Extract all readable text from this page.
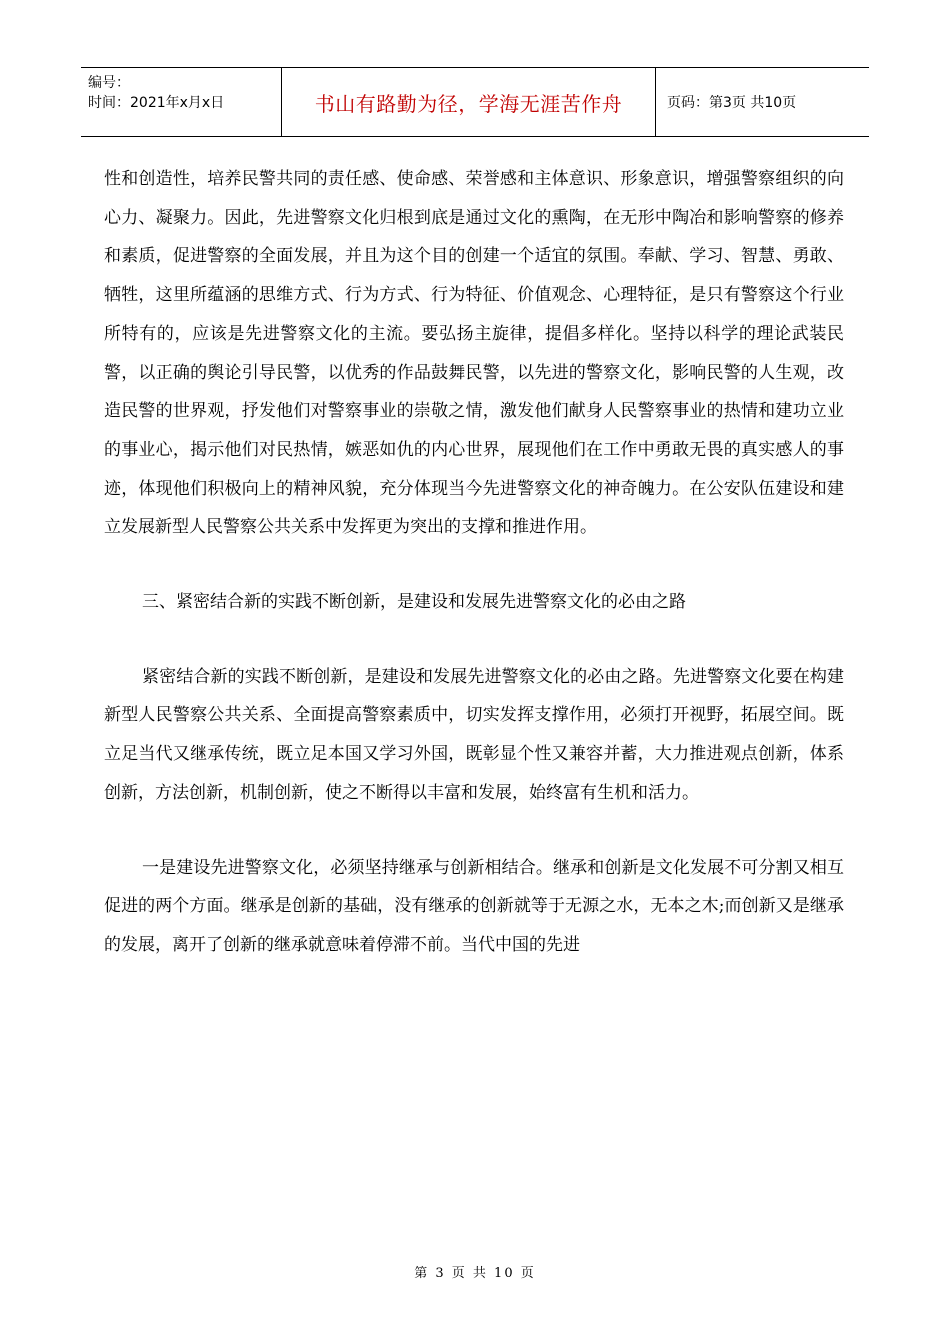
编号：
时间：2021年x月x日	书山有路勤为径，学海无涯苦作舟	页码：第3页 共10页

性和创造性，培养民警共同的责任感、使命感、荣誉感和主体意识、形象意识，增强警察组织的向心力、凝聚力。因此，先进警察文化归根到底是通过文化的熏陶，在无形中陶冶和影响警察的修养和素质，促进警察的全面发展，并且为这个目的创建一个适宜的氛围。奉献、学习、智慧、勇敢、牺牲，这里所蕴涵的思维方式、行为方式、行为特征、价值观念、心理特征，是只有警察这个行业所特有的，应该是先进警察文化的主流。要弘扬主旋律，提倡多样化。坚持以科学的理论武装民警，以正确的舆论引导民警，以优秀的作品鼓舞民警，以先进的警察文化，影响民警的人生观，改造民警的世界观，抒发他们对警察事业的崇敬之情，激发他们献身人民警察事业的热情和建功立业的事业心，揭示他们对民热情，嫉恶如仇的内心世界，展现他们在工作中勇敢无畏的真实感人的事迹，体现他们积极向上的精神风貌，充分体现当今先进警察文化的神奇魄力。在公安队伍建设和建立发展新型人民警察公共关系中发挥更为突出的支撑和推进作用。

三、紧密结合新的实践不断创新，是建设和发展先进警察文化的必由之路

紧密结合新的实践不断创新，是建设和发展先进警察文化的必由之路。先进警察文化要在构建新型人民警察公共关系、全面提高警察素质中，切实发挥支撑作用，必须打开视野，拓展空间。既立足当代又继承传统，既立足本国又学习外国，既彰显个性又兼容并蓄，大力推进观点创新，体系创新，方法创新，机制创新，使之不断得以丰富和发展，始终富有生机和活力。

一是建设先进警察文化，必须坚持继承与创新相结合。继承和创新是文化发展不可分割又相互促进的两个方面。继承是创新的基础，没有继承的创新就等于无源之水，无本之木;而创新又是继承的发展，离开了创新的继承就意味着停滞不前。当代中国的先进

第 3 页 共 10 页
